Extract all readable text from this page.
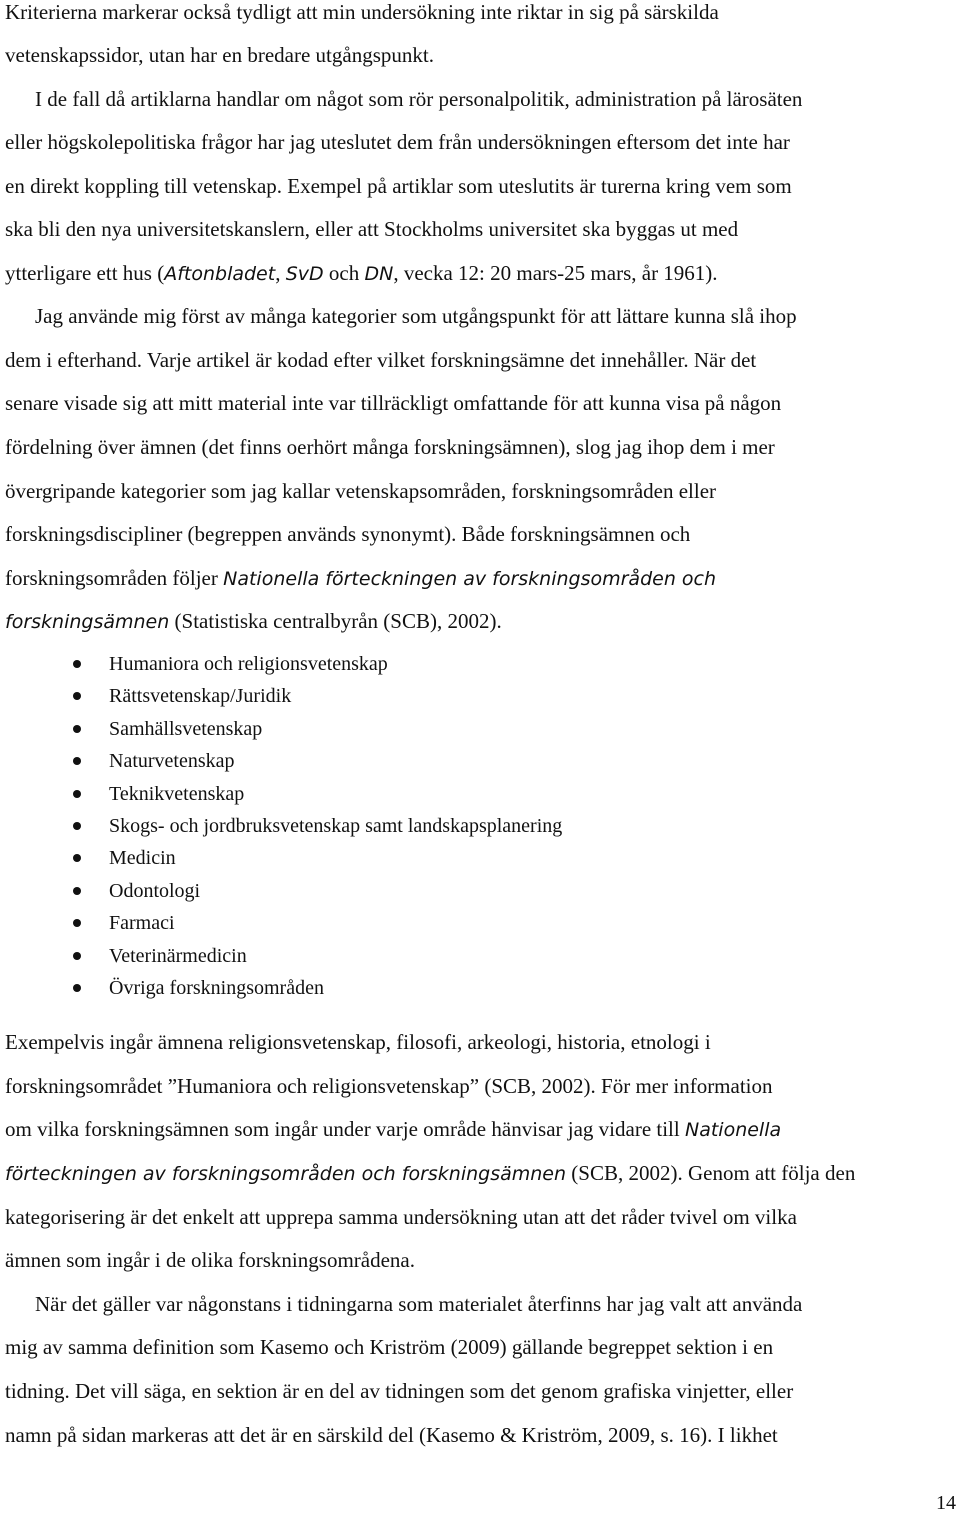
Kriterierna markerar också tydligt att min undersökning inte riktar in sig på särskilda
vetenskapssidor, utan har en bredare utgångspunkt.
I de fall då artiklarna handlar om något som rör personalpolitik, administration på lärosäten
eller högskolepolitiska frågor har jag uteslutet dem från undersökningen eftersom det inte har
en direkt koppling till vetenskap. Exempel på artiklar som uteslutits är turerna kring vem som
ska bli den nya universitetskanslern, eller att Stockholms universitet ska byggas ut med
ytterligare ett hus (Aftonbladet, SvD och DN, vecka 12: 20 mars-25 mars, år 1961).
Jag använde mig först av många kategorier som utgångspunkt för att lättare kunna slå ihop
dem i efterhand. Varje artikel är kodad efter vilket forskningsämne det innehåller. När det
senare visade sig att mitt material inte var tillräckligt omfattande för att kunna visa på någon
fördelning över ämnen (det finns oerhört många forskningsämnen), slog jag ihop dem i mer
övergripande kategorier som jag kallar vetenskapsområden, forskningsområden eller
forskningsdiscipliner (begreppen används synonymt). Både forskningsämnen och
forskningsområden följer Nationella förteckningen av forskningsområden och
forskningsämnen (Statistiska centralbyrån (SCB), 2002).
Humaniora och religionsvetenskap
Rättsvetenskap/Juridik
Samhällsvetenskap
Naturvetenskap
Teknikvetenskap
Skogs- och jordbruksvetenskap samt landskapsplanering
Medicin
Odontologi
Farmaci
Veterinärmedicin
Övriga forskningsområden
Exempelvis ingår ämnena religionsvetenskap, filosofi, arkeologi, historia, etnologi i
forskningsområdet ”Humaniora och religionsvetenskap” (SCB, 2002). För mer information
om vilka forskningsämnen som ingår under varje område hänvisar jag vidare till Nationella
förteckningen av forskningsområden och forskningsämnen (SCB, 2002). Genom att följa den
kategorisering är det enkelt att upprepa samma undersökning utan att det råder tvivel om vilka
ämnen som ingår i de olika forskningsområdena.
När det gäller var någonstans i tidningarna som materialet återfinns har jag valt att använda
mig av samma definition som Kasemo och Kriström (2009) gällande begreppet sektion i en
tidning. Det vill säga, en sektion är en del av tidningen som det genom grafiska vinjetter, eller
namn på sidan markeras att det är en särskild del (Kasemo & Kriström, 2009, s. 16). I likhet
14
